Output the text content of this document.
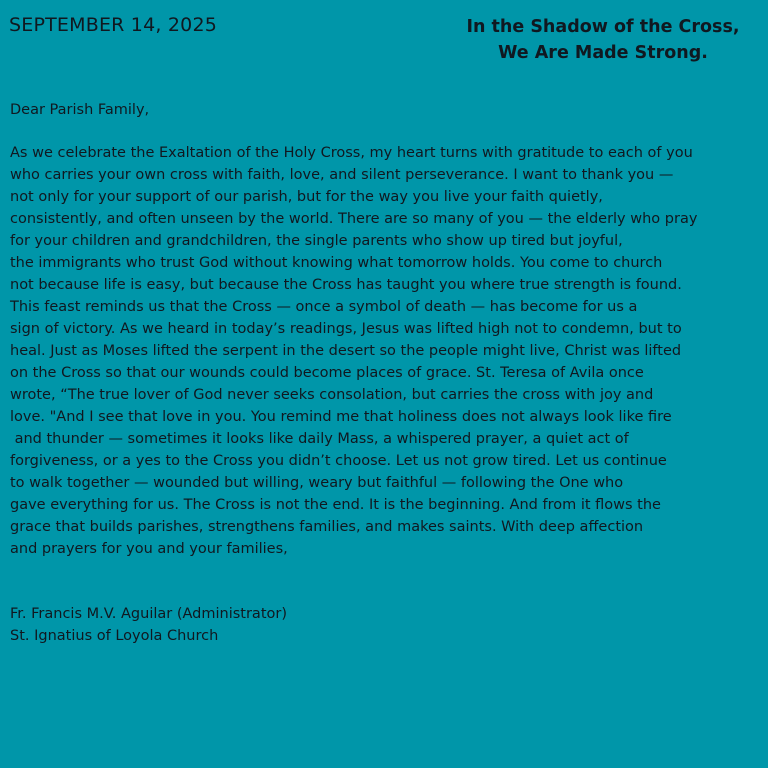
SEPTEMBER 14, 2025	In the Shadow of the Cross,
We Are Made Strong.
Dear Parish Family,
As we celebrate the Exaltation of the Holy Cross, my heart turns with gratitude to each of you
who carries your own cross with faith, love, and silent perseverance. I want to thank you —
not only for your support of our parish, but for the way you live your faith quietly,
consistently, and often unseen by the world. There are so many of you — the elderly who pray
for your children and grandchildren, the single parents who show up tired but joyful,
the immigrants who trust God without knowing what tomorrow holds. You come to church
not because life is easy, but because the Cross has taught you where true strength is found.
This feast reminds us that the Cross — once a symbol of death — has become for us a
sign of victory. As we heard in today’s readings, Jesus was lifted high not to condemn, but to
heal. Just as Moses lifted the serpent in the desert so the people might live, Christ was lifted
on the Cross so that our wounds could become places of grace. St. Teresa of Avila once
wrote, “The true lover of God never seeks consolation, but carries the cross with joy and
love. "And I see that love in you. You remind me that holiness does not always look like fire
and thunder — sometimes it looks like daily Mass, a whispered prayer, a quiet act of
forgiveness, or a yes to the Cross you didn’t choose. Let us not grow tired. Let us continue
to walk together — wounded but willing, weary but faithful — following the One who
gave everything for us. The Cross is not the end. It is the beginning. And from it flows the
grace that builds parishes, strengthens families, and makes saints. With deep affection
and prayers for you and your families,
Fr. Francis M.V. Aguilar (Administrator)
St. Ignatius of Loyola Church
